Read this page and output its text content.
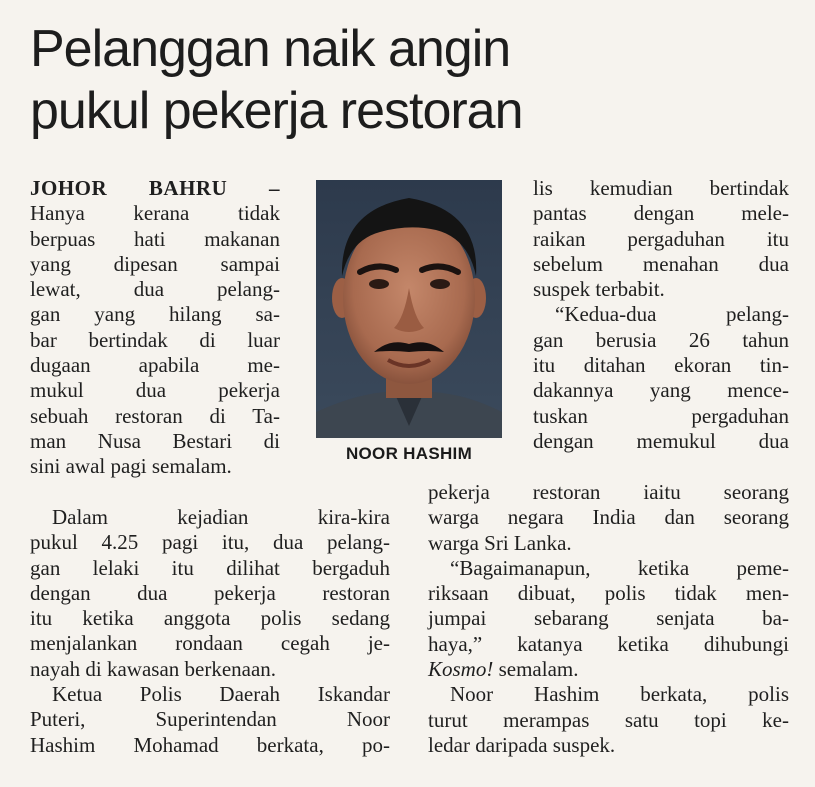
Pelanggan naik angin
pukul pekerja restoran
JOHOR BAHRU –
Hanya kerana tidak
berpuas hati makanan
yang dipesan sampai
lewat, dua pelang-
gan yang hilang sa-
bar bertindak di luar
dugaan apabila me-
mukul dua pekerja
sebuah restoran di Ta-
man Nusa Bestari di
sini awal pagi semalam.
Dalam kejadian kira-kira
pukul 4.25 pagi itu, dua pelang-
gan lelaki itu dilihat bergaduh
dengan dua pekerja restoran
itu ketika anggota polis sedang
menjalankan rondaan cegah je-
nayah di kawasan berkenaan.
Ketua Polis Daerah Iskandar
Puteri, Superintendan Noor
Hashim Mohamad berkata, po-
NOOR HASHIM
lis kemudian bertindak
pantas dengan mele-
raikan pergaduhan itu
sebelum menahan dua
suspek terbabit.
“Kedua-dua pelang-
gan berusia 26 tahun
itu ditahan ekoran tin-
dakannya yang mence-
tuskan pergaduhan
dengan memukul dua
pekerja restoran iaitu seorang
warga negara India dan seorang
warga Sri Lanka.
“Bagaimanapun, ketika peme-
riksaan dibuat, polis tidak men-
jumpai sebarang senjata ba-
haya,” katanya ketika dihubungi
Kosmo! semalam.
Noor Hashim berkata, polis
turut merampas satu topi ke-
ledar daripada suspek.
